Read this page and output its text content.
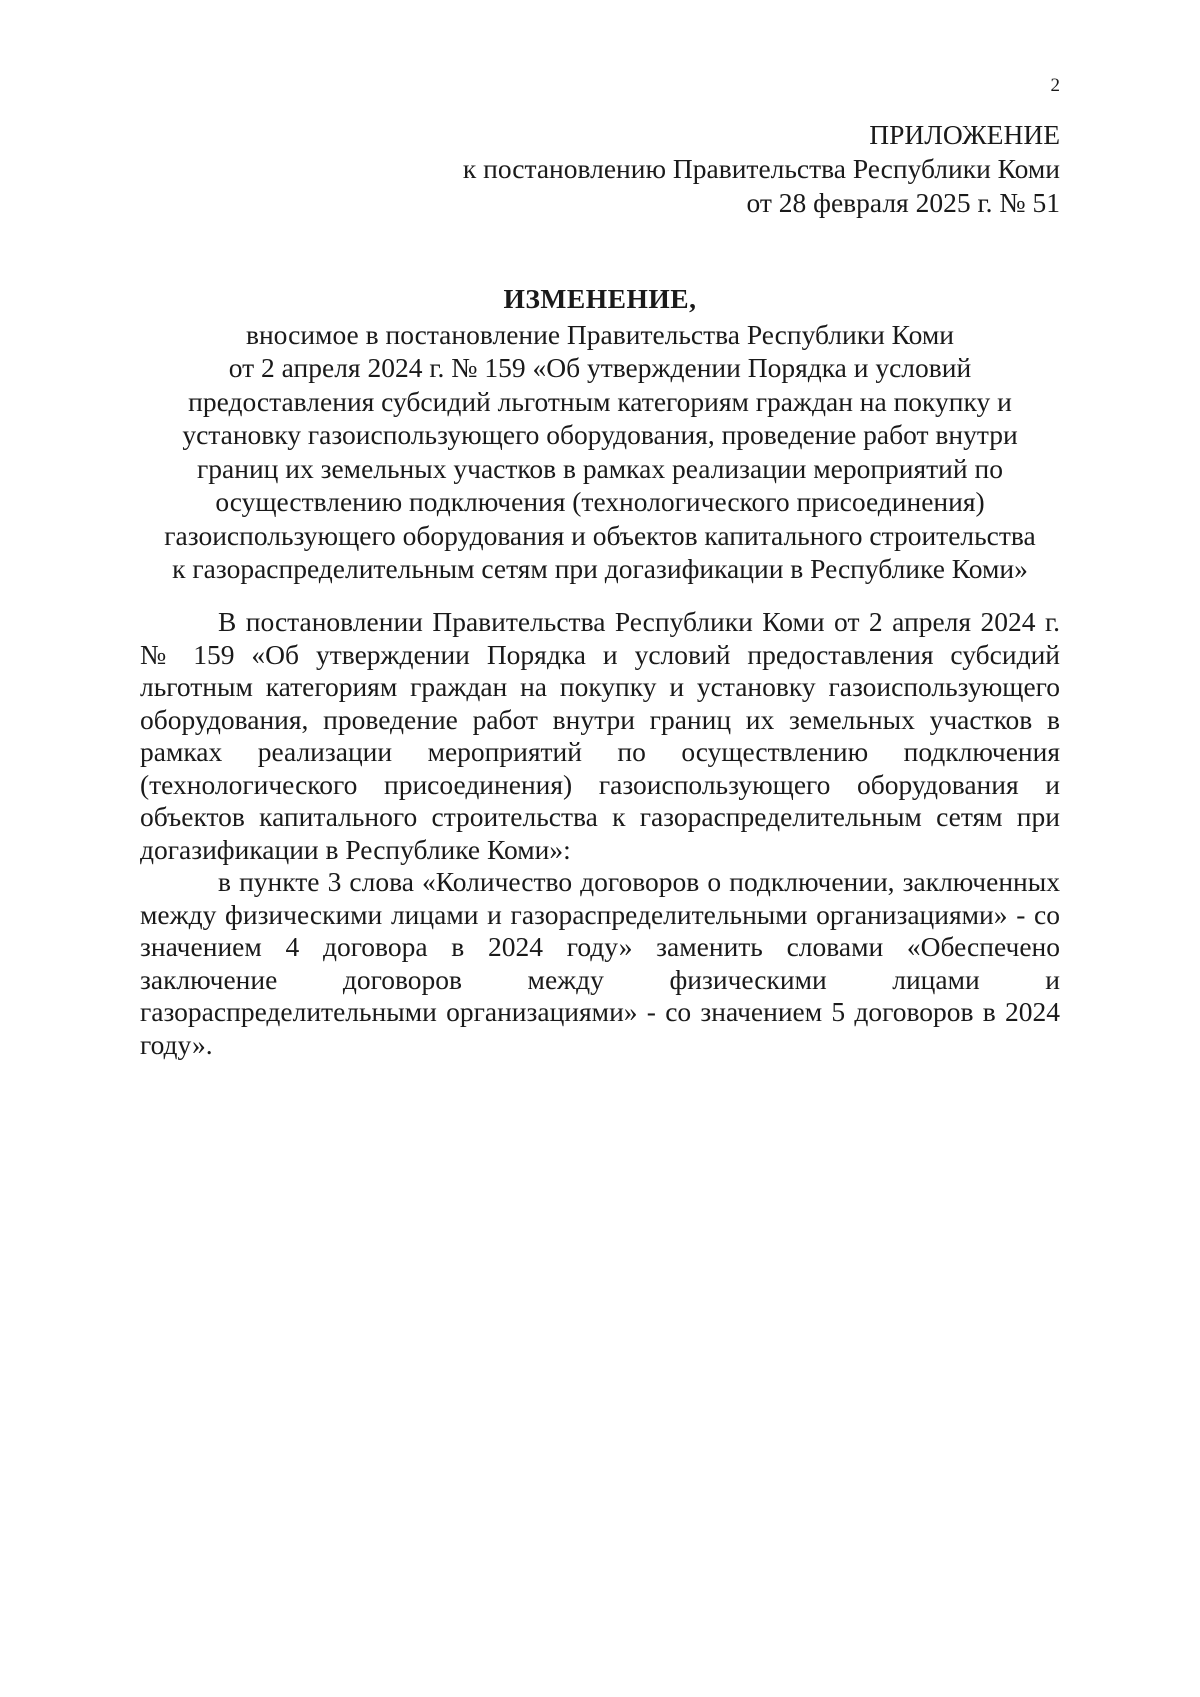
2
ПРИЛОЖЕНИЕ
к постановлению Правительства Республики Коми
от 28 февраля 2025 г. № 51
ИЗМЕНЕНИЕ,
вносимое в постановление Правительства Республики Коми
от 2 апреля 2024 г. № 159 «Об утверждении Порядка и условий
предоставления субсидий льготным категориям граждан на покупку и
установку газоиспользующего оборудования, проведение работ внутри
границ их земельных участков в рамках реализации мероприятий по
осуществлению подключения (технологического присоединения)
газоиспользующего оборудования и объектов капитального строительства
к газораспределительным сетям при догазификации в Республике Коми»

В постановлении Правительства Республики Коми от 2 апреля 2024 г. № 159 «Об утверждении Порядка и условий предоставления субсидий льготным категориям граждан на покупку и установку газоиспользующего оборудования, проведение работ внутри границ их земельных участков в рамках реализации мероприятий по осуществлению подключения (технологического присоединения) газоиспользующего оборудования и объектов капитального строительства к газораспределительным сетям при догазификации в Республике Коми»:

в пункте 3 слова «Количество договоров о подключении, заключенных между физическими лицами и газораспределительными организациями» - со значением 4 договора в 2024 году» заменить словами «Обеспечено заключение договоров между физическими лицами и газораспределительными организациями» - со значением 5 договоров в 2024 году».
